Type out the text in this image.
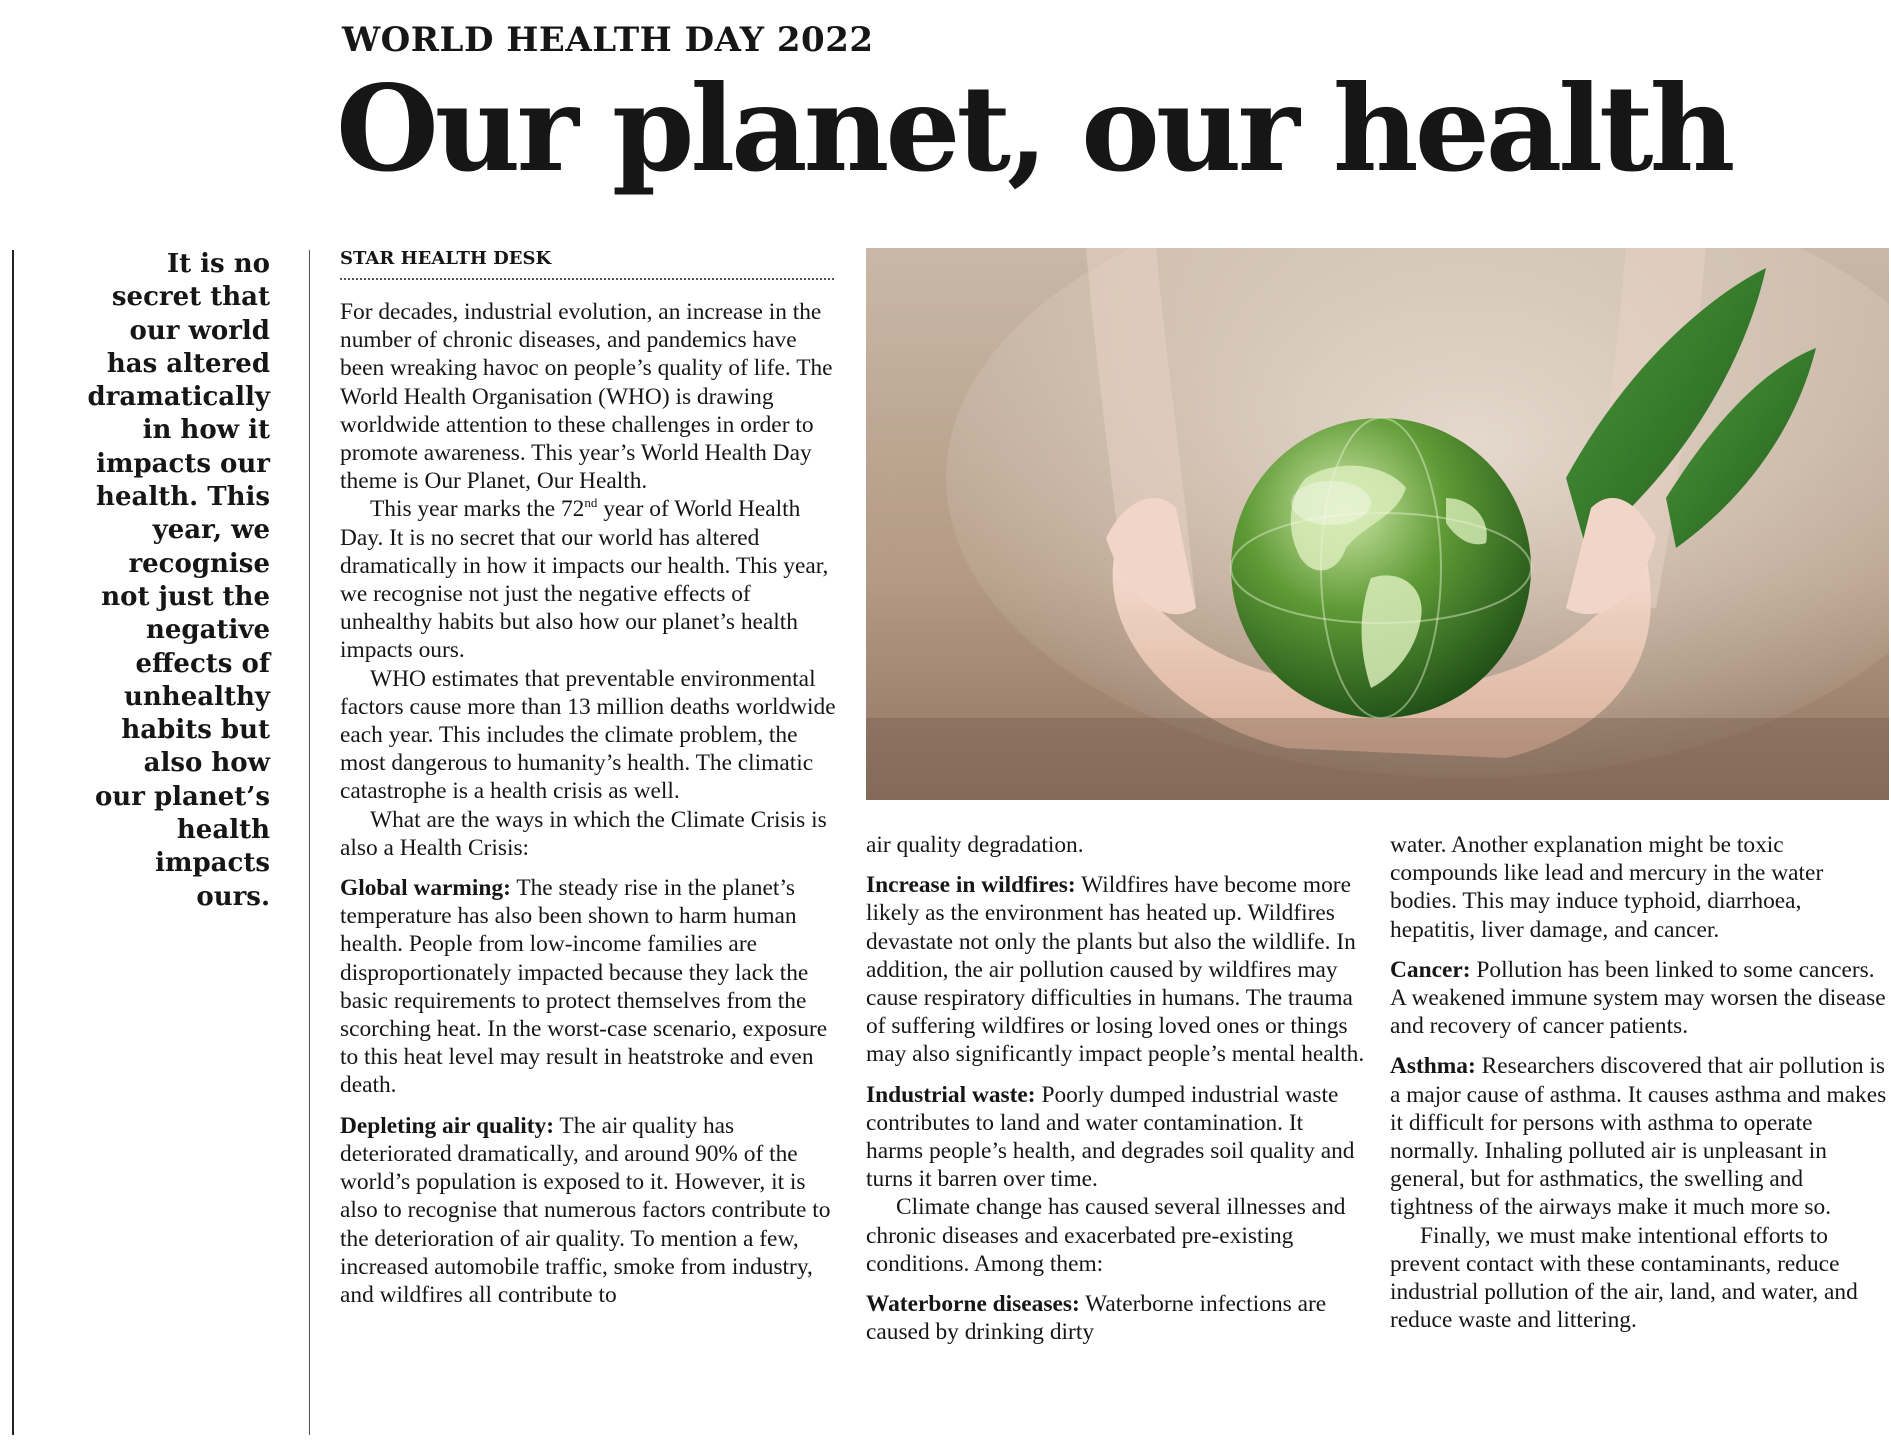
WORLD HEALTH DAY 2022
Our planet, our health
It is no
secret that
our world
has altered
dramatically
in how it
impacts our
health. This
year, we
recognise
not just the
negative
effects of
unhealthy
habits but
also how
our planet’s
health
impacts
ours.
STAR HEALTH DESK

For decades, industrial evolution, an increase in the number of chronic diseases, and pandemics have been wreaking havoc on people’s quality of life. The World Health Organisation (WHO) is drawing worldwide attention to these challenges in order to promote awareness. This year’s World Health Day theme is Our Planet, Our Health.

This year marks the 72nd year of World Health Day. It is no secret that our world has altered dramatically in how it impacts our health. This year, we recognise not just the negative effects of unhealthy habits but also how our planet’s health impacts ours.

WHO estimates that preventable environmental factors cause more than 13 million deaths worldwide each year. This includes the climate problem, the most dangerous to humanity’s health. The climatic catastrophe is a health crisis as well.

What are the ways in which the Climate Crisis is also a Health Crisis:

Global warming: The steady rise in the planet’s temperature has also been shown to harm human health. People from low-income families are disproportionately impacted because they lack the basic requirements to protect themselves from the scorching heat. In the worst-case scenario, exposure to this heat level may result in heatstroke and even death.

Depleting air quality: The air quality has deteriorated dramatically, and around 90% of the world’s population is exposed to it. However, it is also to recognise that numerous factors contribute to the deterioration of air quality. To mention a few, increased automobile traffic, smoke from industry, and wildfires all contribute to

air quality degradation.

Increase in wildfires: Wildfires have become more likely as the environment has heated up. Wildfires devastate not only the plants but also the wildlife. In addition, the air pollution caused by wildfires may cause respiratory difficulties in humans. The trauma of suffering wildfires or losing loved ones or things may also significantly impact people’s mental health.

Industrial waste: Poorly dumped industrial waste contributes to land and water contamination. It harms people’s health, and degrades soil quality and turns it barren over time.

Climate change has caused several illnesses and chronic diseases and exacerbated pre-existing conditions. Among them:

Waterborne diseases: Waterborne infections are caused by drinking dirty

water. Another explanation might be toxic compounds like lead and mercury in the water bodies. This may induce typhoid, diarrhoea, hepatitis, liver damage, and cancer.

Cancer: Pollution has been linked to some cancers. A weakened immune system may worsen the disease and recovery of cancer patients.

Asthma: Researchers discovered that air pollution is a major cause of asthma. It causes asthma and makes it difficult for persons with asthma to operate normally. Inhaling polluted air is unpleasant in general, but for asthmatics, the swelling and tightness of the airways make it much more so.

Finally, we must make intentional efforts to prevent contact with these contaminants, reduce industrial pollution of the air, land, and water, and reduce waste and littering.
